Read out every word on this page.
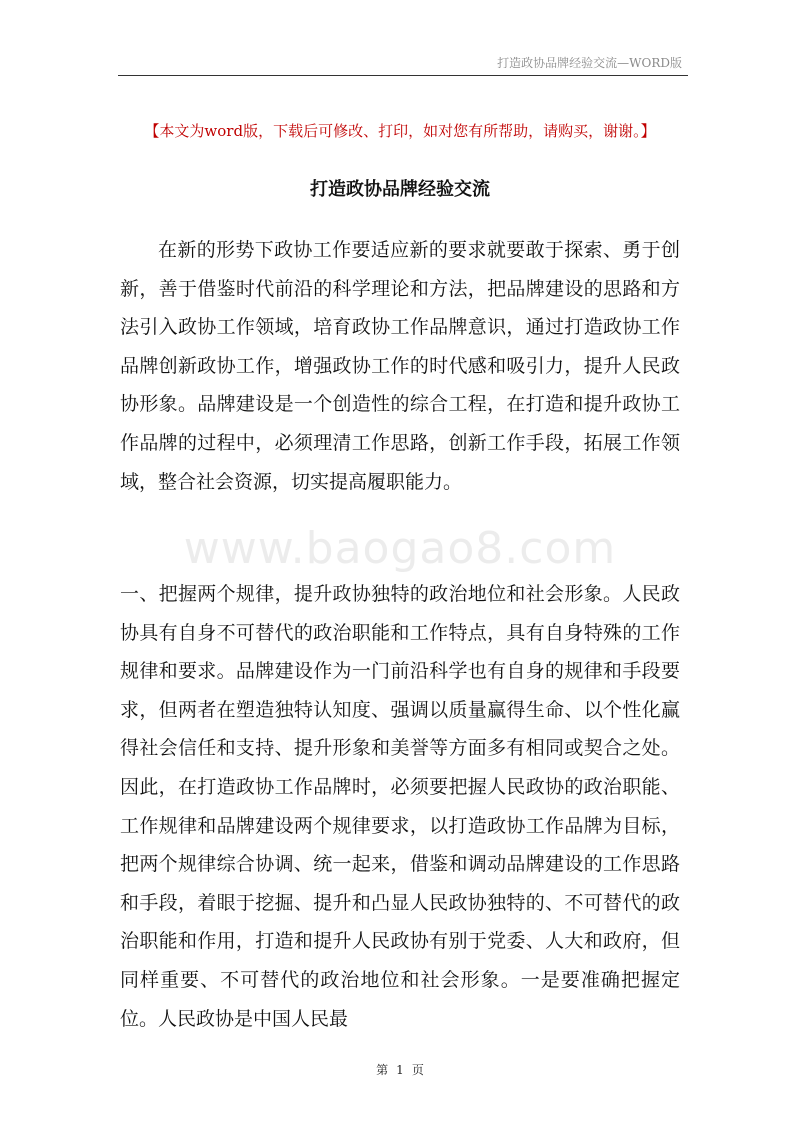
打造政协品牌经验交流—WORD版
【本文为word版，下载后可修改、打印，如对您有所帮助，请购买，谢谢。】
打造政协品牌经验交流

在新的形势下政协工作要适应新的要求就要敢于探索、勇于创新，善于借鉴时代前沿的科学理论和方法，把品牌建设的思路和方法引入政协工作领域，培育政协工作品牌意识，通过打造政协工作品牌创新政协工作，增强政协工作的时代感和吸引力，提升人民政协形象。品牌建设是一个创造性的综合工程，在打造和提升政协工作品牌的过程中，必须理清工作思路，创新工作手段，拓展工作领域，整合社会资源，切实提高履职能力。

www.baogao8.com

一、把握两个规律，提升政协独特的政治地位和社会形象。人民政协具有自身不可替代的政治职能和工作特点，具有自身特殊的工作规律和要求。品牌建设作为一门前沿科学也有自身的规律和手段要求，但两者在塑造独特认知度、强调以质量赢得生命、以个性化赢得社会信任和支持、提升形象和美誉等方面多有相同或契合之处。因此，在打造政协工作品牌时，必须要把握人民政协的政治职能、工作规律和品牌建设两个规律要求，以打造政协工作品牌为目标，把两个规律综合协调、统一起来，借鉴和调动品牌建设的工作思路和手段，着眼于挖掘、提升和凸显人民政协独特的、不可替代的政治职能和作用，打造和提升人民政协有别于党委、人大和政府，但同样重要、不可替代的政治地位和社会形象。一是要准确把握定位。人民政协是中国人民最

第 1 页
